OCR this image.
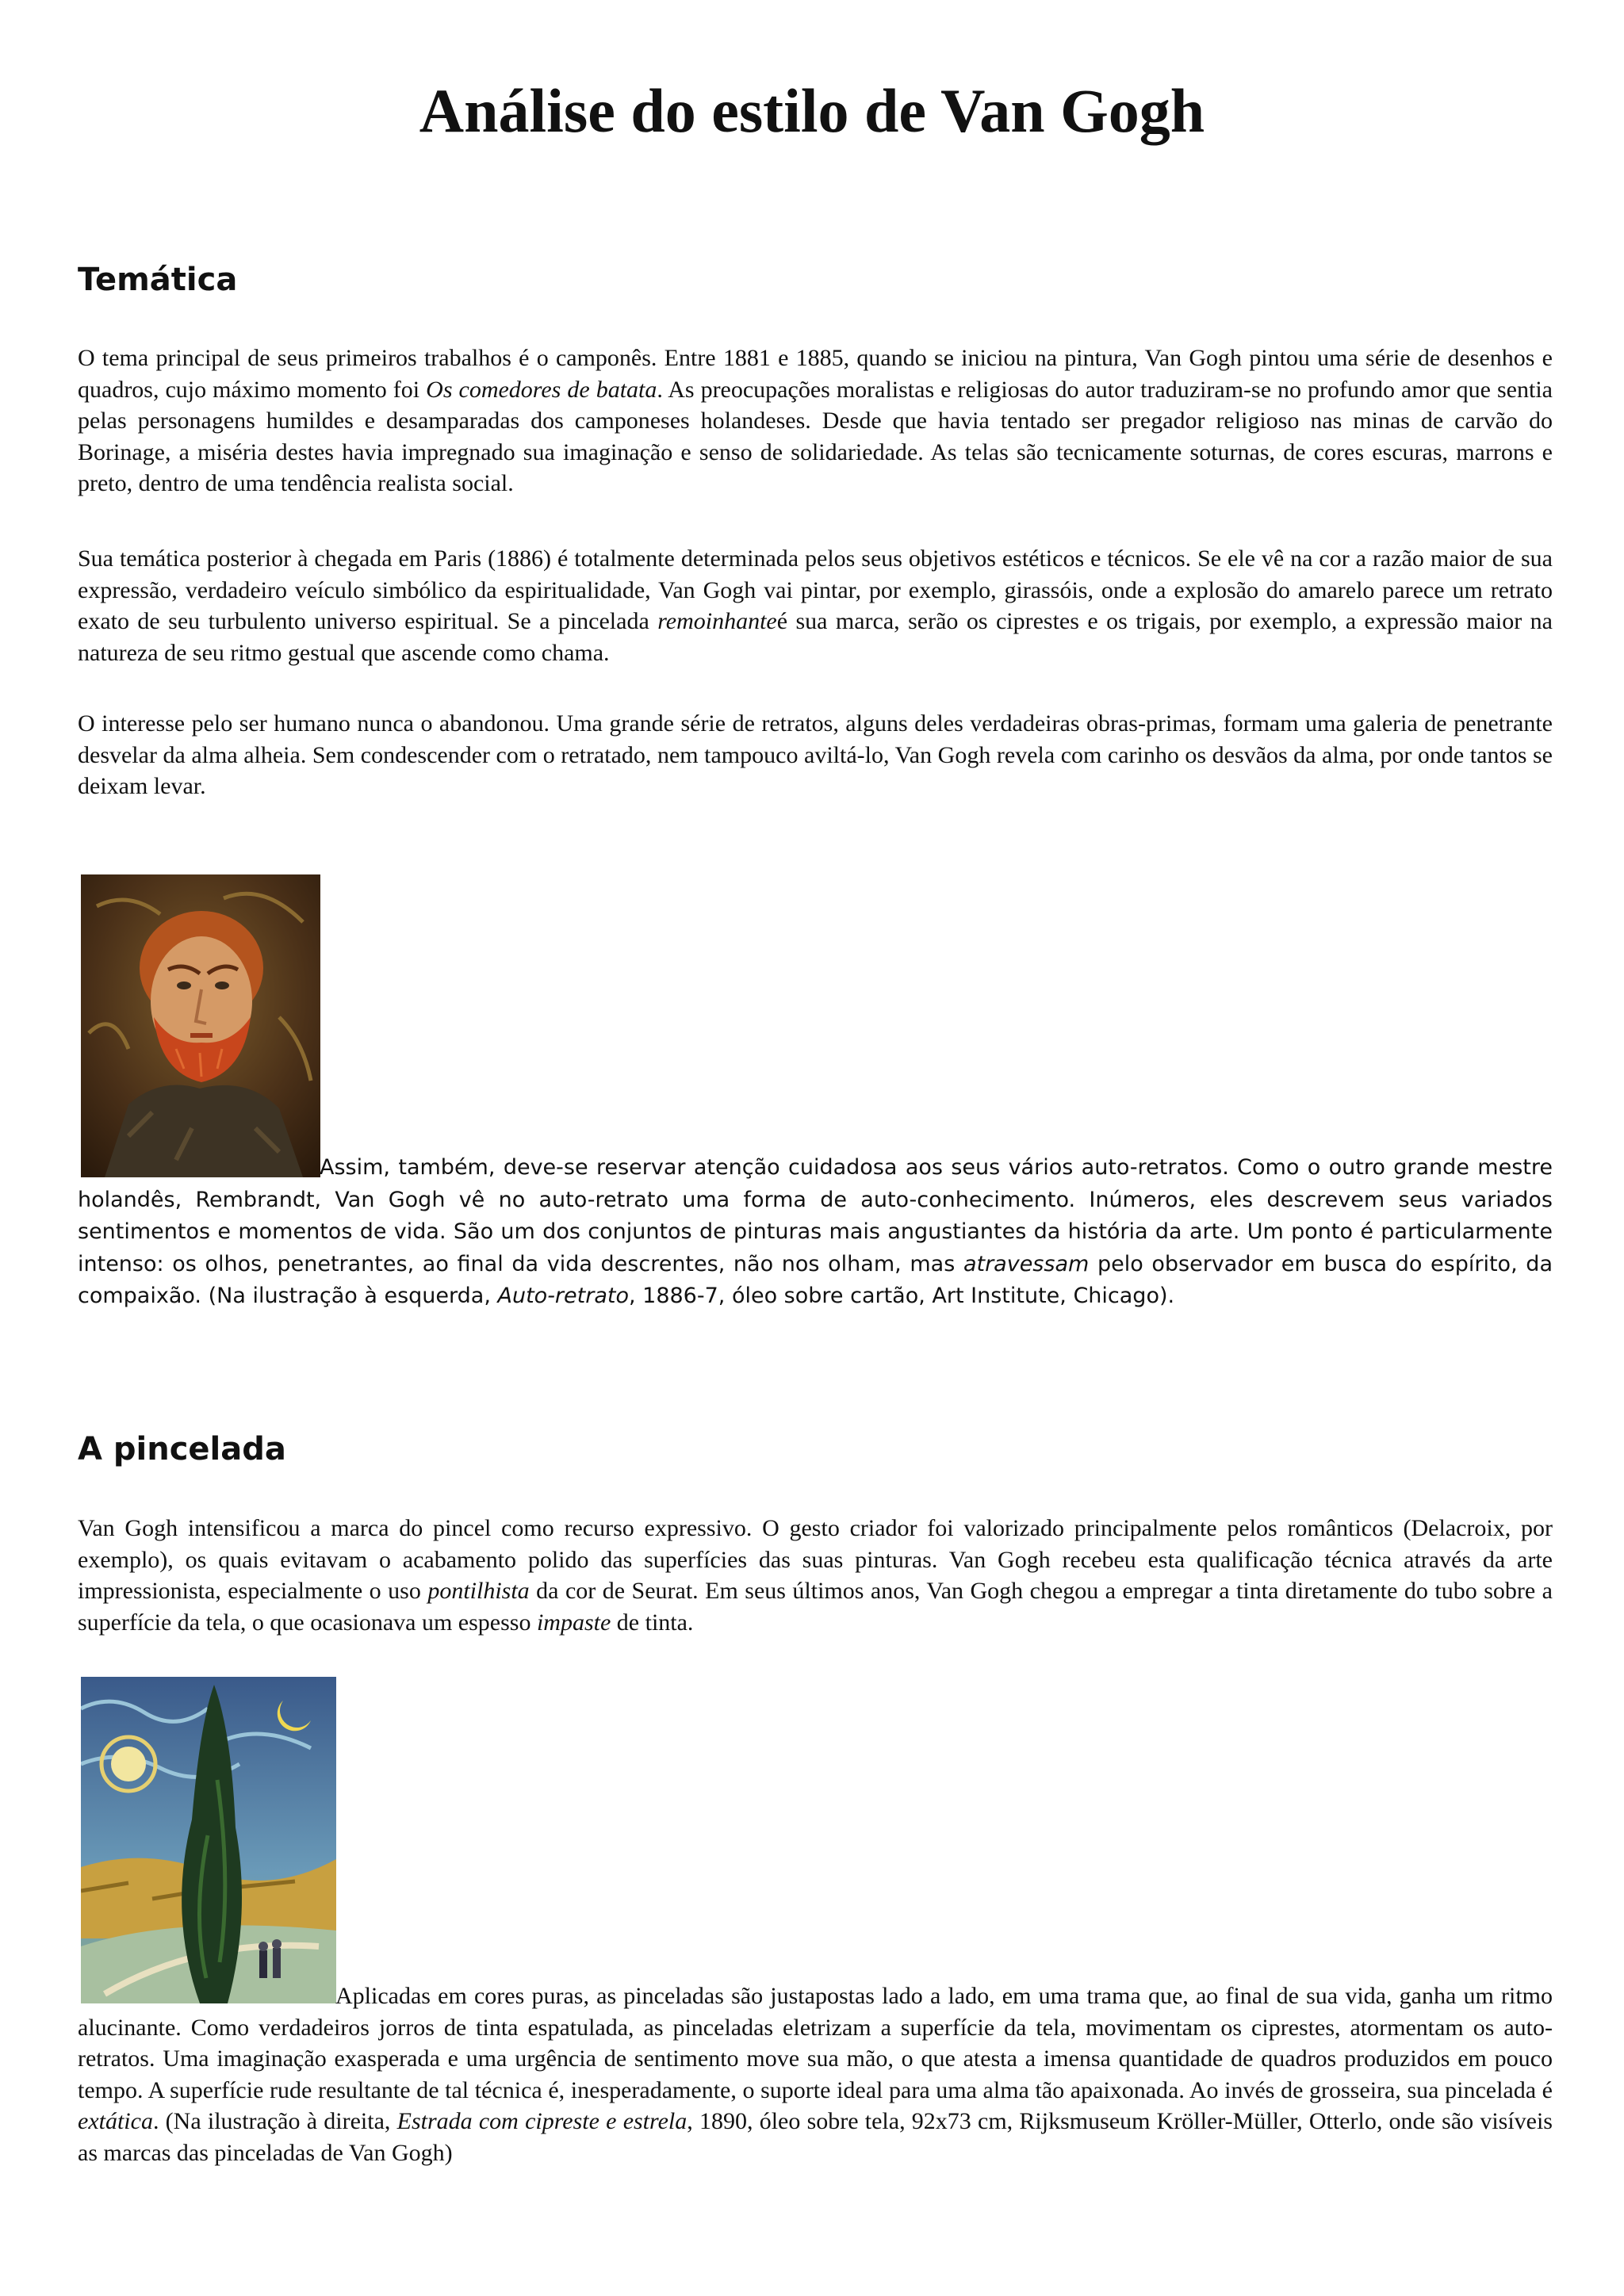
Análise do estilo de Van Gogh
Temática

O tema principal de seus primeiros trabalhos é o camponês. Entre 1881 e 1885, quando se iniciou na pintura, Van Gogh pintou uma série de desenhos e quadros, cujo máximo momento foi Os comedores de batata. As preocupações moralistas e religiosas do autor traduziram-se no profundo amor que sentia pelas personagens humildes e desamparadas dos camponeses holandeses. Desde que havia tentado ser pregador religioso nas minas de carvão do Borinage, a miséria destes havia impregnado sua imaginação e senso de solidariedade. As telas são tecnicamente soturnas, de cores escuras, marrons e preto, dentro de uma tendência realista social.

Sua temática posterior à chegada em Paris (1886) é totalmente determinada pelos seus objetivos estéticos e técnicos. Se ele vê na cor a razão maior de sua expressão, verdadeiro veículo simbólico da espiritualidade, Van Gogh vai pintar, por exemplo, girassóis, onde a explosão do amarelo parece um retrato exato de seu turbulento universo espiritual. Se a pincelada remoinhanteé sua marca, serão os ciprestes e os trigais, por exemplo, a expressão maior na natureza de seu ritmo gestual que ascende como chama.

O interesse pelo ser humano nunca o abandonou. Uma grande série de retratos, alguns deles verdadeiras obras-primas, formam uma galeria de penetrante desvelar da alma alheia. Sem condescender com o retratado, nem tampouco aviltá-lo, Van Gogh revela com carinho os desvãos da alma, por onde tantos se deixam levar.

Assim, também, deve-se reservar atenção cuidadosa aos seus vários auto-retratos. Como o outro grande mestre holandês, Rembrandt, Van Gogh vê no auto-retrato uma forma de auto-conhecimento. Inúmeros, eles descrevem seus variados sentimentos e momentos de vida. São um dos conjuntos de pinturas mais angustiantes da história da arte. Um ponto é particularmente intenso: os olhos, penetrantes, ao final da vida descrentes, não nos olham, mas atravessam pelo observador em busca do espírito, da compaixão. (Na ilustração à esquerda, Auto-retrato, 1886-7, óleo sobre cartão, Art Institute, Chicago).

A pincelada

Van Gogh intensificou a marca do pincel como recurso expressivo. O gesto criador foi valorizado principalmente pelos românticos (Delacroix, por exemplo), os quais evitavam o acabamento polido das superfícies das suas pinturas. Van Gogh recebeu esta qualificação técnica através da arte impressionista, especialmente o uso pontilhista da cor de Seurat. Em seus últimos anos, Van Gogh chegou a empregar a tinta diretamente do tubo sobre a superfície da tela, o que ocasionava um espesso impaste de tinta.

Aplicadas em cores puras, as pinceladas são justapostas lado a lado, em uma trama que, ao final de sua vida, ganha um ritmo alucinante. Como verdadeiros jorros de tinta espatulada, as pinceladas eletrizam a superfície da tela, movimentam os ciprestes, atormentam os auto-retratos. Uma imaginação exasperada e uma urgência de sentimento move sua mão, o que atesta a imensa quantidade de quadros produzidos em pouco tempo. A superfície rude resultante de tal técnica é, inesperadamente, o suporte ideal para uma alma tão apaixonada. Ao invés de grosseira, sua pincelada é extática. (Na ilustração à direita, Estrada com cipreste e estrela, 1890, óleo sobre tela, 92x73 cm, Rijksmuseum Kröller-Müller, Otterlo, onde são visíveis as marcas das pinceladas de Van Gogh)
